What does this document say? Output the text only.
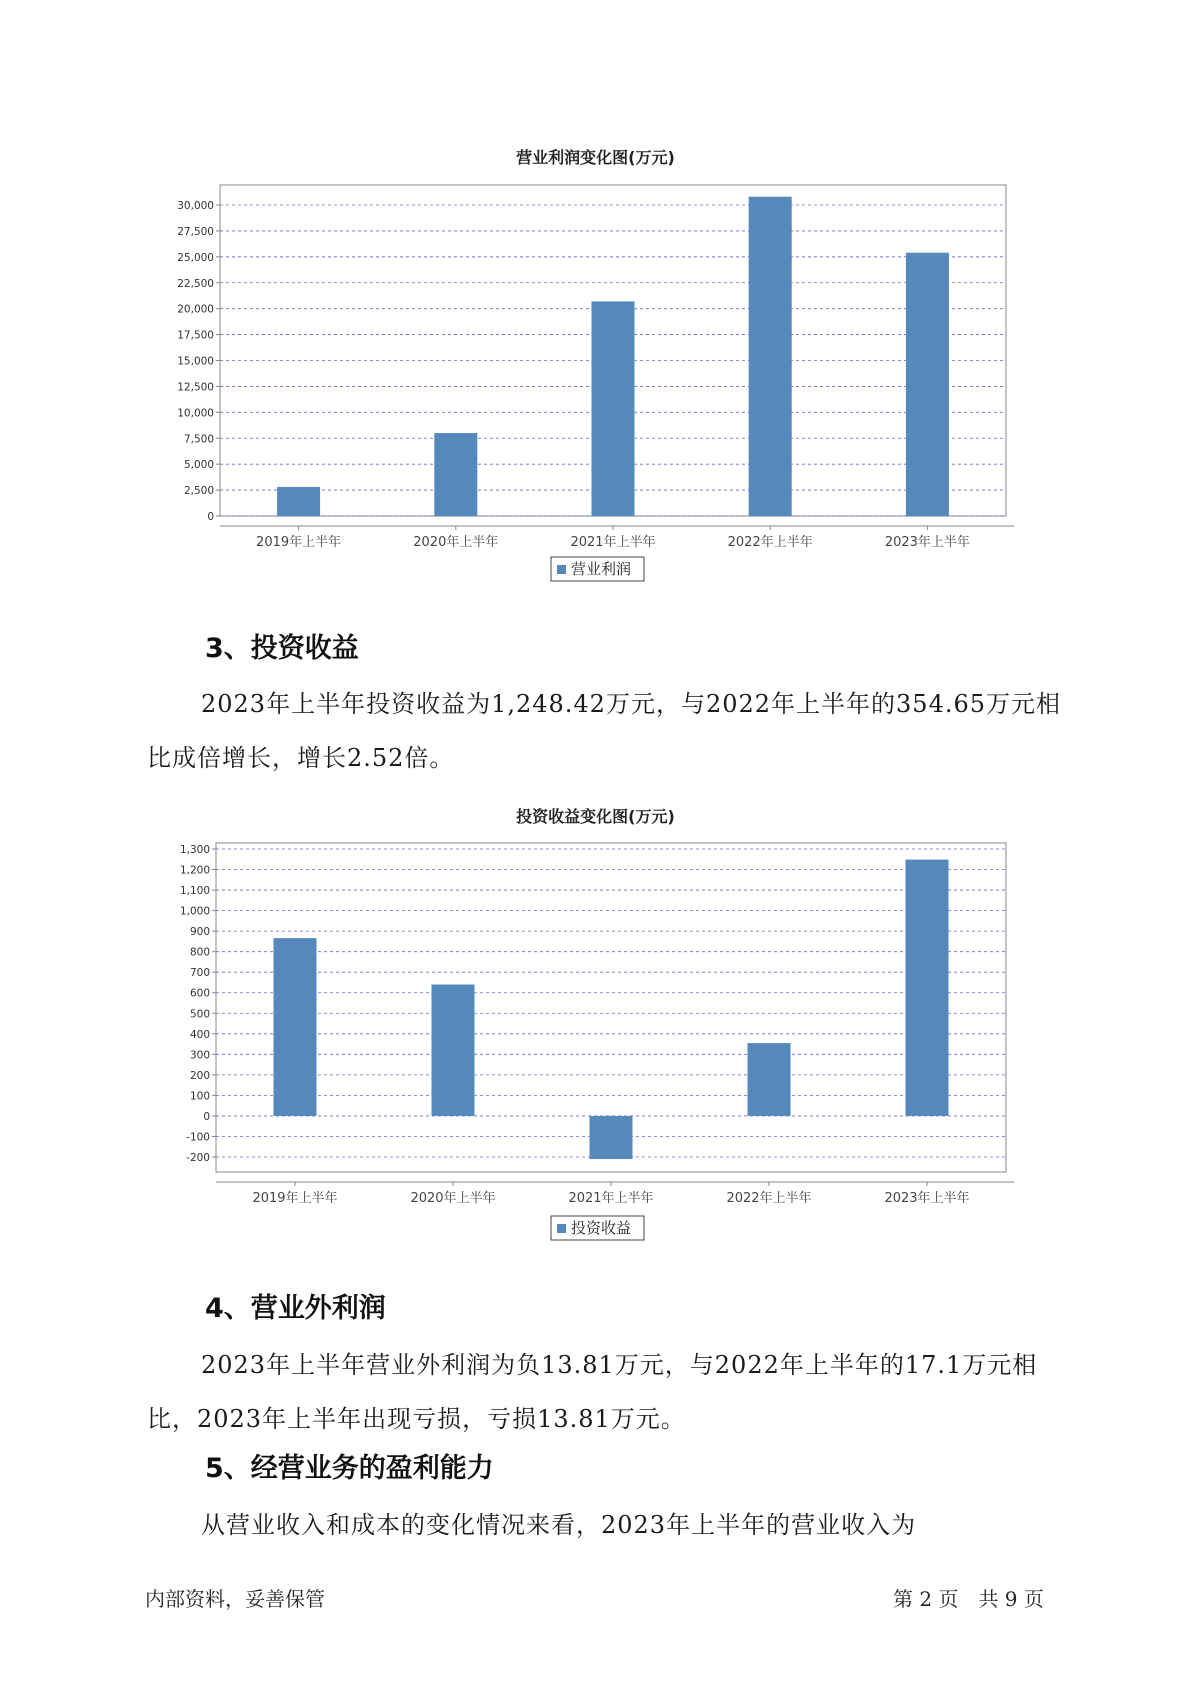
营业利润变化图(万元)
0
2,500
5,000
7,500
10,000
12,500
15,000
17,500
20,000
22,500
25,000
27,500
30,000
2019年上半年	2020年上半年	2021年上半年	2022年上半年	2023年上半年
营业利润
3、投资收益
2023年上半年投资收益为1,248.42万元，与2022年上半年的354.65万元相比成倍增长，增长2.52倍。
投资收益变化图(万元)
-200
-100
0
100
200
300
400
500
600
700
800
900
1,000
1,100
1,200
1,300
2019年上半年	2020年上半年	2021年上半年	2022年上半年	2023年上半年
投资收益
4、营业外利润
2023年上半年营业外利润为负13.81万元，与2022年上半年的17.1万元相比，2023年上半年出现亏损，亏损13.81万元。
5、经营业务的盈利能力
从营业收入和成本的变化情况来看，2023年上半年的营业收入为
内部资料，妥善保管	第 2 页　共 9 页
